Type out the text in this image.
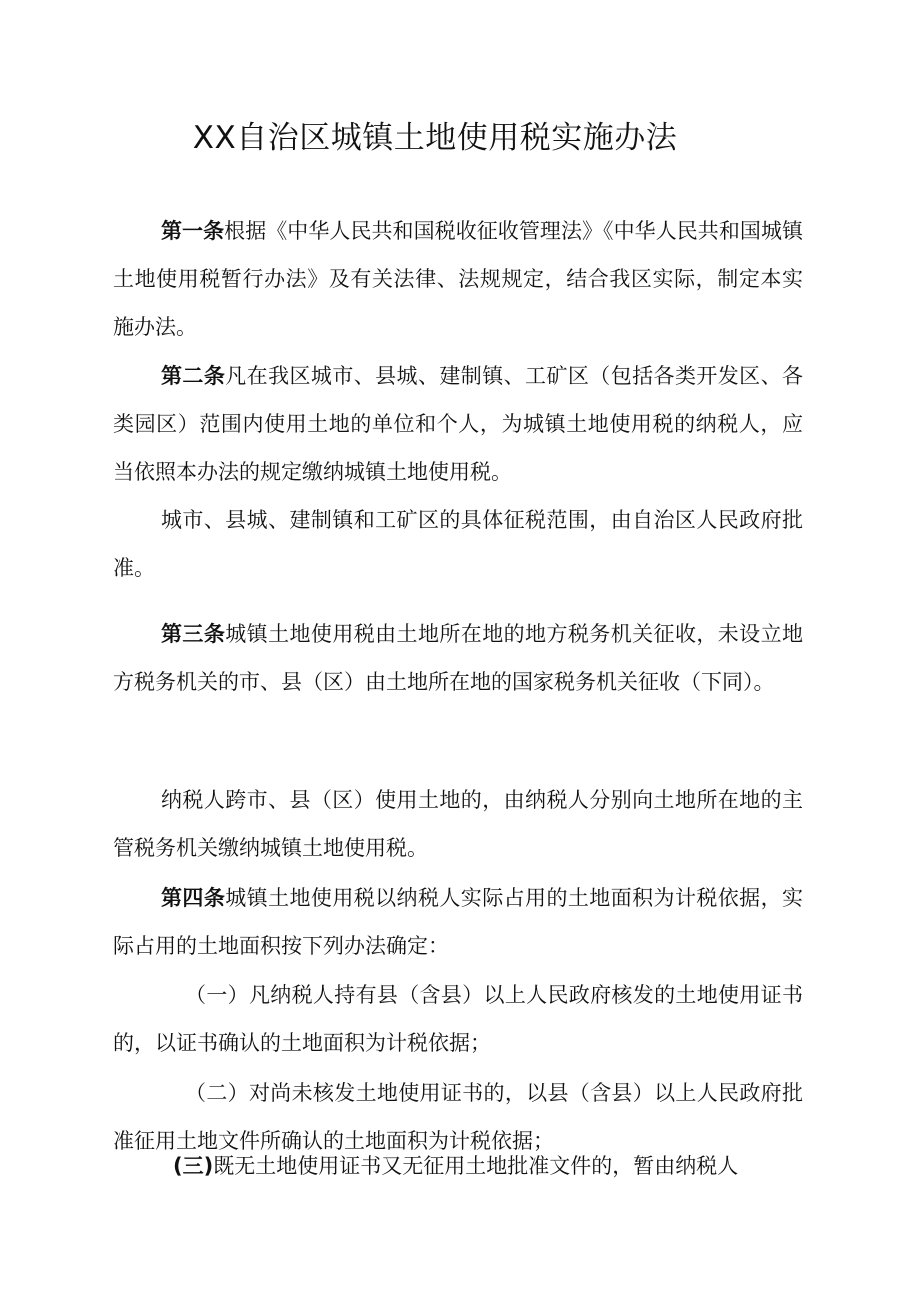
XX自治区城镇土地使用税实施办法

第一条根据《中华人民共和国税收征收管理法》《中华人民共和国城镇土地使用税暂行办法》及有关法律、法规规定，结合我区实际，制定本实施办法。

第二条凡在我区城市、县城、建制镇、工矿区（包括各类开发区、各类园区）范围内使用土地的单位和个人，为城镇土地使用税的纳税人，应当依照本办法的规定缴纳城镇土地使用税。

城市、县城、建制镇和工矿区的具体征税范围，由自治区人民政府批准。

第三条城镇土地使用税由土地所在地的地方税务机关征收，未设立地方税务机关的市、县（区）由土地所在地的国家税务机关征收（下同）。

纳税人跨市、县（区）使用土地的，由纳税人分别向土地所在地的主管税务机关缴纳城镇土地使用税。

第四条城镇土地使用税以纳税人实际占用的土地面积为计税依据，实际占用的土地面积按下列办法确定：

（一）凡纳税人持有县（含县）以上人民政府核发的土地使用证书的，以证书确认的土地面积为计税依据；

（二）对尚未核发土地使用证书的，以县（含县）以上人民政府批准征用土地文件所确认的土地面积为计税依据；

(三)既无土地使用证书又无征用土地批准文件的，暂由纳税人
